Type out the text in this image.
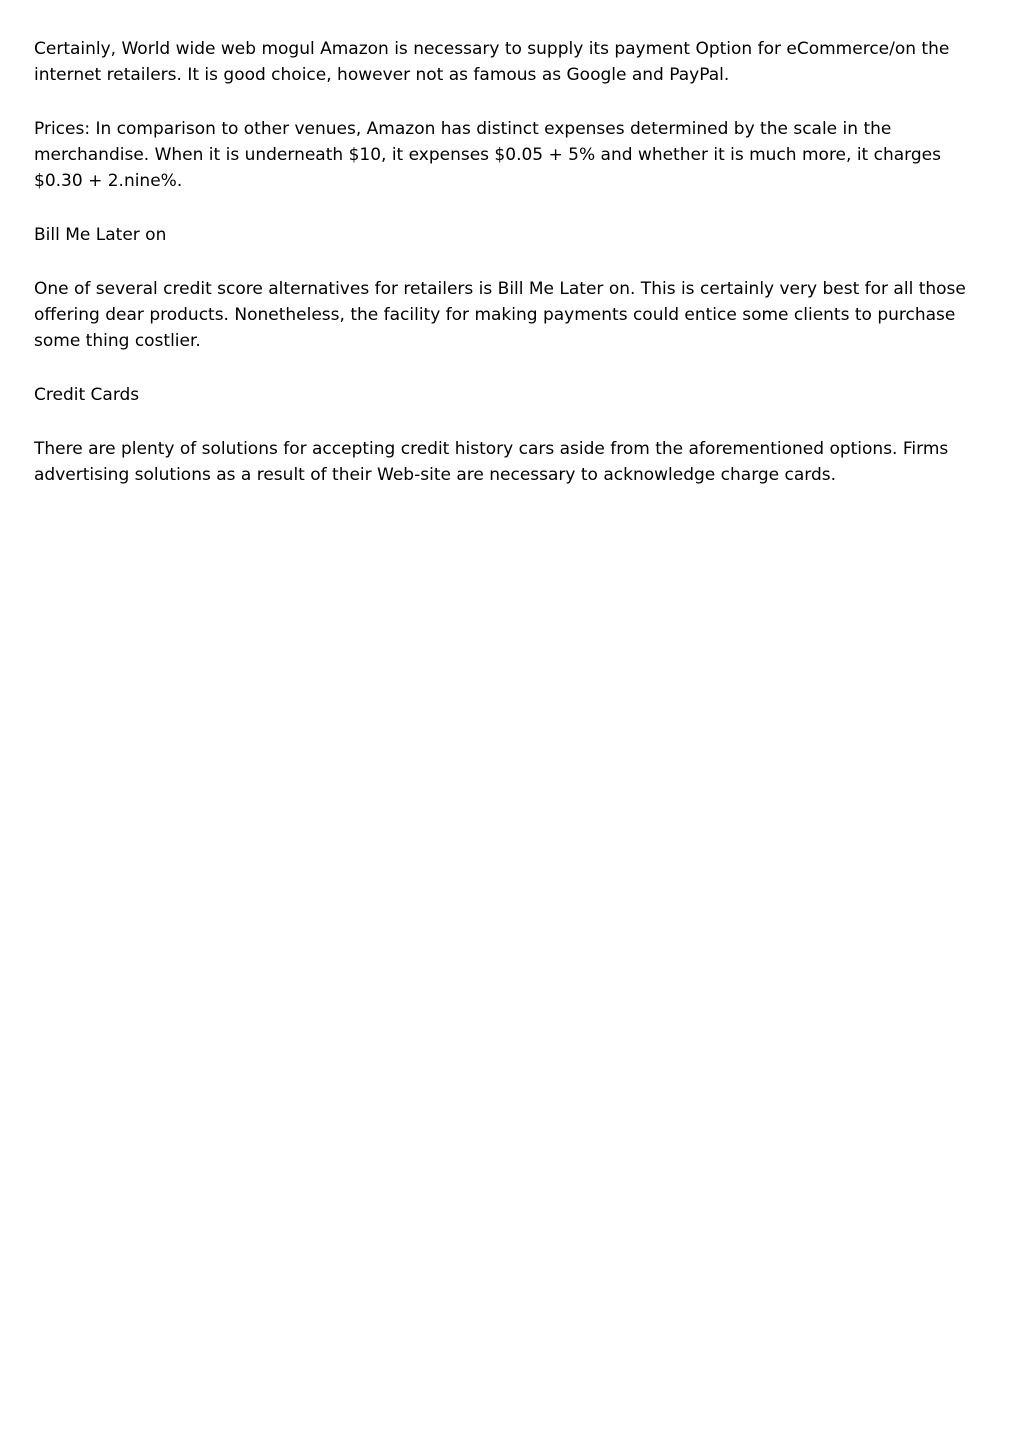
Certainly, World wide web mogul Amazon is necessary to supply its payment Option for eCommerce/on the internet retailers. It is good choice, however not as famous as Google and PayPal.

Prices: In comparison to other venues, Amazon has distinct expenses determined by the scale in the merchandise. When it is underneath $10, it expenses $0.05 + 5% and whether it is much more, it charges $0.30 + 2.nine%.

Bill Me Later on

One of several credit score alternatives for retailers is Bill Me Later on. This is certainly very best for all those offering dear products. Nonetheless, the facility for making payments could entice some clients to purchase some thing costlier.

Credit Cards

There are plenty of solutions for accepting credit history cars aside from the aforementioned options. Firms advertising solutions as a result of their Web-site are necessary to acknowledge charge cards.
